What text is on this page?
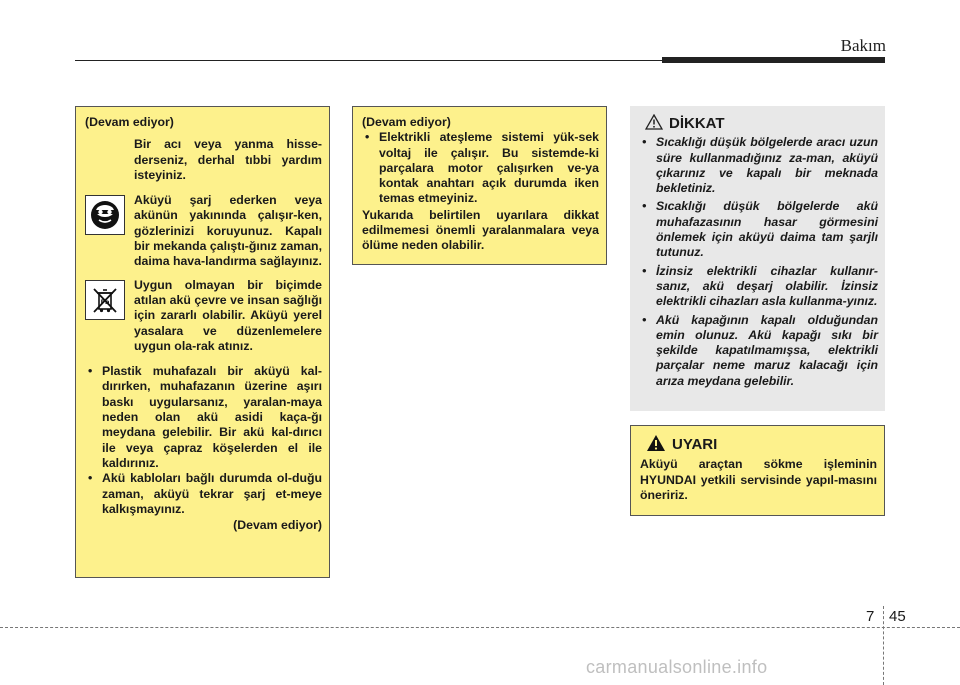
Bakım
(Devam ediyor)
Bir acı veya yanma hisse-derseniz, derhal tıbbi yardım isteyiniz.
Aküyü şarj ederken veya akünün yakınında çalışır-ken, gözlerinizi koruyunuz. Kapalı bir mekanda çalıştı-ğınız zaman, daima hava-landırma sağlayınız.
Pb
Uygun olmayan bir biçimde atılan akü çevre ve insan sağlığı için zararlı olabilir. Aküyü yerel yasalara ve düzenlemelere uygun ola-rak atınız.
• Plastik muhafazalı bir aküyü kal-dırırken, muhafazanın üzerine aşırı baskı uygularsanız, yaralan-maya neden olan akü asidi kaça-ğı meydana gelebilir. Bir akü kal-dırıcı ile veya çapraz köşelerden el ile kaldırınız.
• Akü kabloları bağlı durumda ol-duğu zaman, aküyü tekrar şarj et-meye kalkışmayınız.
(Devam ediyor)
(Devam ediyor)
• Elektrikli ateşleme sistemi yük-sek voltaj ile çalışır. Bu sistemde-ki parçalara motor çalışırken ve-ya kontak anahtarı açık durumda iken temas etmeyiniz.
Yukarıda belirtilen uyarılara dikkat edilmemesi önemli yaralanmalara veya ölüme neden olabilir.
DİKKAT
• Sıcaklığı düşük bölgelerde aracı uzun süre kullanmadığınız za-man, aküyü çıkarınız ve kapalı bir meknada bekletiniz.
• Sıcaklığı düşük bölgelerde akü muhafazasının hasar görmesini önlemek için aküyü daima tam şarjlı tutunuz.
• İzinsiz elektrikli cihazlar kullanır-sanız, akü deşarj olabilir. İzinsiz elektrikli cihazları asla kullanma-yınız.
• Akü kapağının kapalı olduğundan emin olunuz. Akü kapağı sıkı bir şekilde kapatılmamışsa, elektrikli parçalar neme maruz kalacağı için arıza meydana gelebilir.
UYARI
Aküyü araçtan sökme işleminin HYUNDAI yetkili servisinde yapıl-masını öneririz.
7 45
carmanualsonline.info
